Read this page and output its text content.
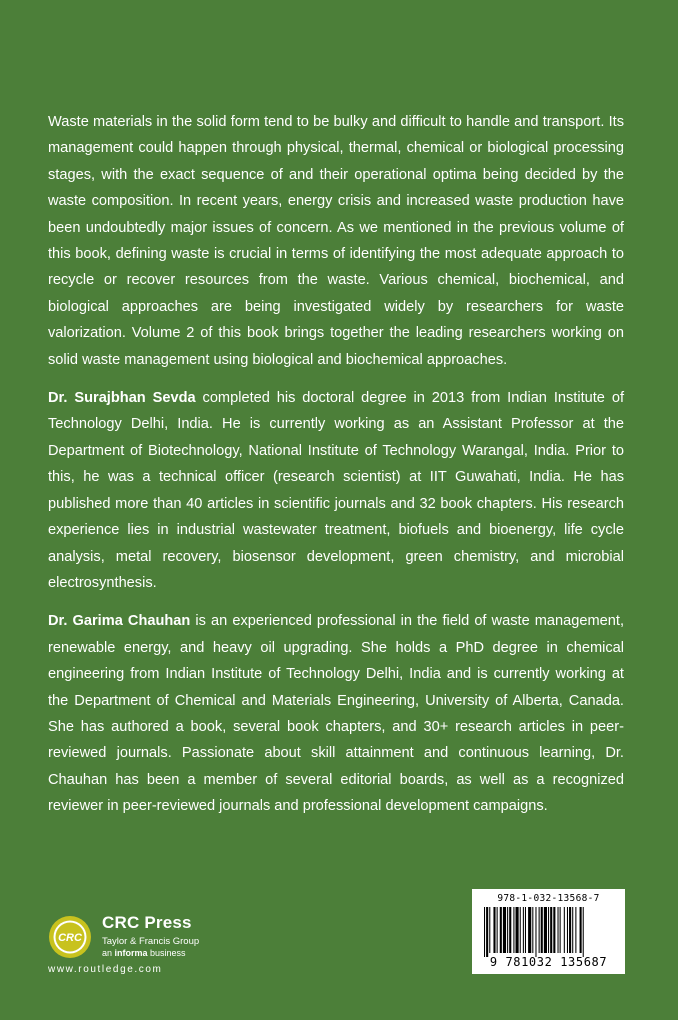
Waste materials in the solid form tend to be bulky and difficult to handle and transport. Its management could happen through physical, thermal, chemical or biological processing stages, with the exact sequence of and their operational optima being decided by the waste composition. In recent years, energy crisis and increased waste production have been undoubtedly major issues of concern. As we mentioned in the previous volume of this book, defining waste is crucial in terms of identifying the most adequate approach to recycle or recover resources from the waste. Various chemical, biochemical, and biological approaches are being investigated widely by researchers for waste valorization. Volume 2 of this book brings together the leading researchers working on solid waste management using biological and biochemical approaches.

Dr. Surajbhan Sevda completed his doctoral degree in 2013 from Indian Institute of Technology Delhi, India. He is currently working as an Assistant Professor at the Department of Biotechnology, National Institute of Technology Warangal, India. Prior to this, he was a technical officer (research scientist) at IIT Guwahati, India. He has published more than 40 articles in scientific journals and 32 book chapters. His research experience lies in industrial wastewater treatment, biofuels and bioenergy, life cycle analysis, metal recovery, biosensor development, green chemistry, and microbial electrosynthesis.

Dr. Garima Chauhan is an experienced professional in the field of waste management, renewable energy, and heavy oil upgrading. She holds a PhD degree in chemical engineering from Indian Institute of Technology Delhi, India and is currently working at the Department of Chemical and Materials Engineering, University of Alberta, Canada. She has authored a book, several book chapters, and 30+ research articles in peer-reviewed journals. Passionate about skill attainment and continuous learning, Dr. Chauhan has been a member of several editorial boards, as well as a recognized reviewer in peer-reviewed journals and professional development campaigns.

CRC
CRC Press
Taylor & Francis Group
an informa business
www.routledge.com
978-1-032-13568-7
9 781032 135687
